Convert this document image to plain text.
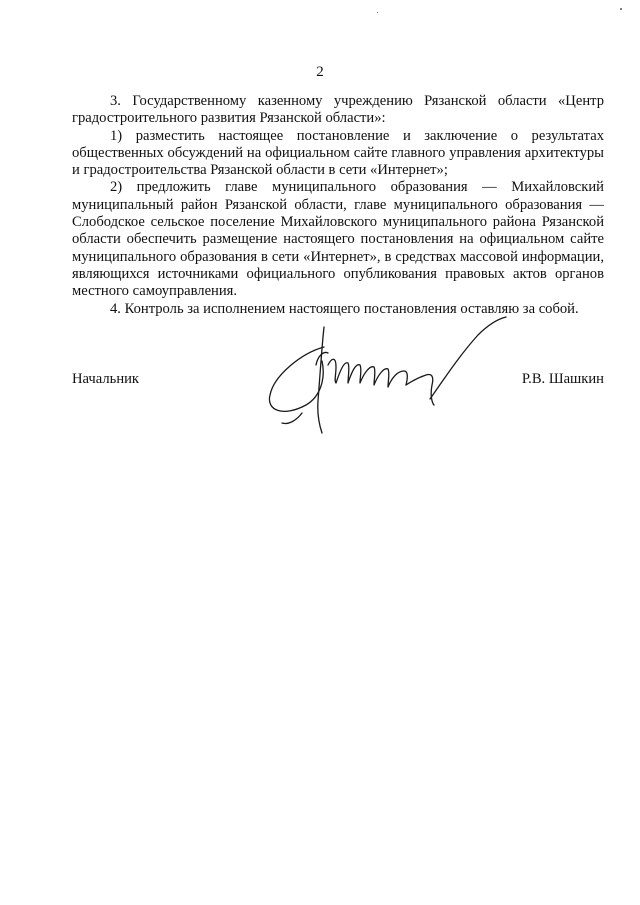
2

3. Государственному казенному учреждению Рязанской области «Центр градостроительного развития Рязанской области»:

1) разместить настоящее постановление и заключение о результатах общественных обсуждений на официальном сайте главного управления архитектуры и градостроительства Рязанской области в сети «Интернет»;

2) предложить главе муниципального образования — Михайловский муниципальный район Рязанской области, главе муниципального образования — Слободское сельское поселение Михайловского муниципального района Рязанской области обеспечить размещение настоящего постановления на официальном сайте муниципального образования в сети «Интернет», в средствах массовой информации, являющихся источниками официального опубликования правовых актов органов местного самоуправления.

4. Контроль за исполнением настоящего постановления оставляю за собой.

Начальник	Р.В. Шашкин
